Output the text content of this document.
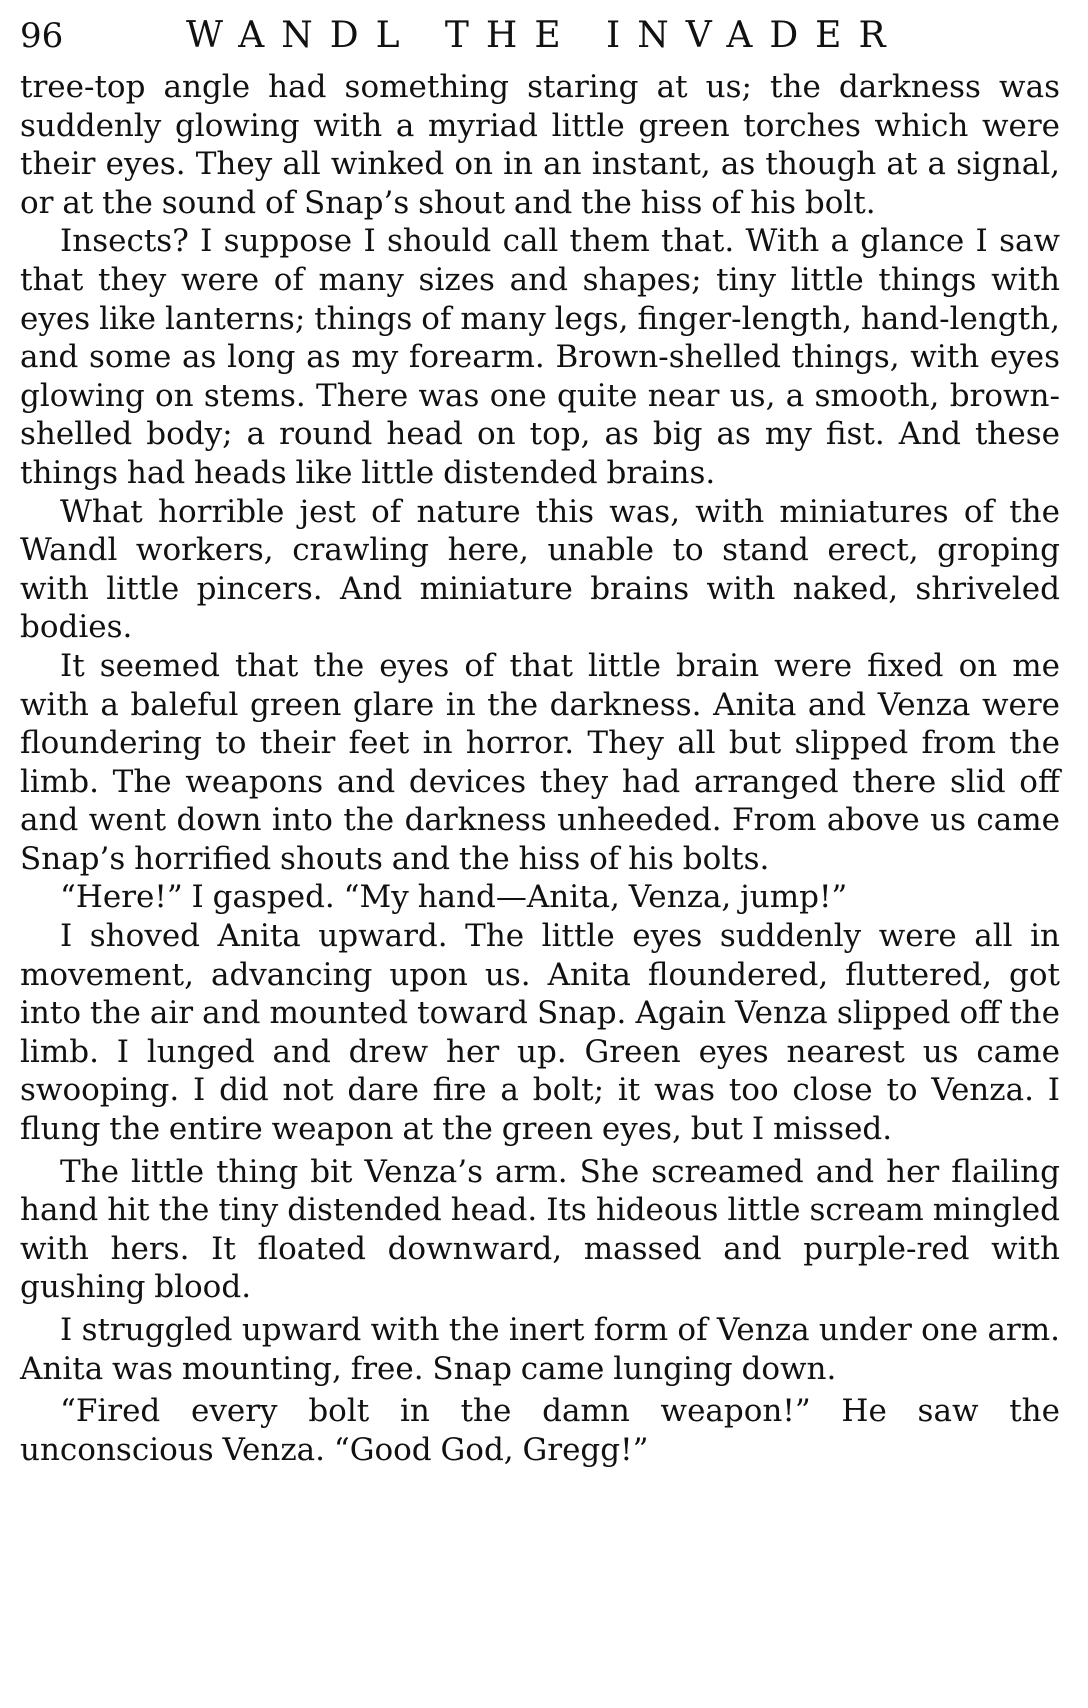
96	WANDL THE INVADER

tree-top angle had something staring at us; the darkness was suddenly glowing with a myriad little green torches which were their eyes. They all winked on in an instant, as though at a signal, or at the sound of Snap’s shout and the hiss of his bolt.

Insects? I suppose I should call them that. With a glance I saw that they were of many sizes and shapes; tiny little things with eyes like lanterns; things of many legs, finger-length, hand-length, and some as long as my forearm. Brown-shelled things, with eyes glowing on stems. There was one quite near us, a smooth, brown-shelled body; a round head on top, as big as my fist. And these things had heads like little distended brains.

What horrible jest of nature this was, with miniatures of the Wandl workers, crawling here, unable to stand erect, groping with little pincers. And miniature brains with naked, shriveled bodies.

It seemed that the eyes of that little brain were fixed on me with a baleful green glare in the darkness. Anita and Venza were floundering to their feet in horror. They all but slipped from the limb. The weapons and devices they had arranged there slid off and went down into the darkness unheeded. From above us came Snap’s horrified shouts and the hiss of his bolts.

“Here!” I gasped. “My hand—Anita, Venza, jump!”

I shoved Anita upward. The little eyes suddenly were all in movement, advancing upon us. Anita floundered, fluttered, got into the air and mounted toward Snap. Again Venza slipped off the limb. I lunged and drew her up. Green eyes nearest us came swooping. I did not dare fire a bolt; it was too close to Venza. I flung the entire weapon at the green eyes, but I missed.

The little thing bit Venza’s arm. She screamed and her flailing hand hit the tiny distended head. Its hideous little scream mingled with hers. It floated downward, massed and purple-red with gushing blood.

I struggled upward with the inert form of Venza under one arm. Anita was mounting, free. Snap came lunging down.

“Fired every bolt in the damn weapon!” He saw the unconscious Venza. “Good God, Gregg!”
